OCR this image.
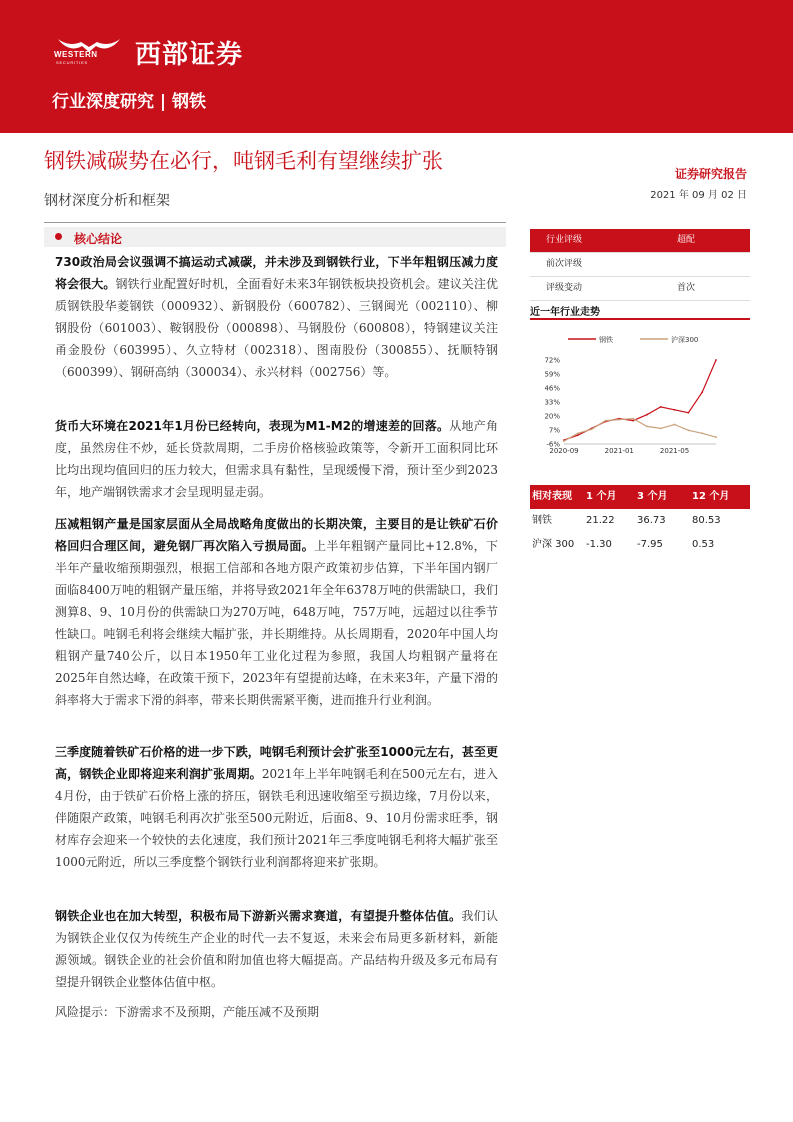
WESTERN
SECURITIES 西部证券
行业深度研究 | 钢铁
钢铁减碳势在必行，吨钢毛利有望继续扩张
钢材深度分析和框架
证券研究报告
2021 年 09 月 02 日
核心结论
730政治局会议强调不搞运动式减碳，并未涉及到钢铁行业，下半年粗钢压减力度将会很大。钢铁行业配置好时机，全面看好未来3年钢铁板块投资机会。建议关注优质钢铁股华菱钢铁（000932）、新钢股份（600782）、三钢闽光（002110）、柳钢股份（601003）、鞍钢股份（000898）、马钢股份（600808），特钢建议关注甬金股份（603995）、久立特材（002318）、图南股份（300855）、抚顺特钢（600399）、钢研高纳（300034）、永兴材料（002756）等。
货币大环境在2021年1月份已经转向，表现为M1-M2的增速差的回落。从地产角度，虽然房住不炒，延长贷款周期，二手房价格核验政策等，令新开工面积同比环比均出现均值回归的压力较大，但需求具有黏性，呈现缓慢下滑，预计至少到2023年，地产端钢铁需求才会呈现明显走弱。
压减粗钢产量是国家层面从全局战略角度做出的长期决策，主要目的是让铁矿石价格回归合理区间，避免钢厂再次陷入亏损局面。上半年粗钢产量同比+12.8%，下半年产量收缩预期强烈，根据工信部和各地方限产政策初步估算，下半年国内钢厂面临8400万吨的粗钢产量压缩，并将导致2021年全年6378万吨的供需缺口，我们测算8、9、10月份的供需缺口为270万吨，648万吨，757万吨，远超过以往季节性缺口。吨钢毛利将会继续大幅扩张，并长期维持。从长周期看，2020年中国人均粗钢产量740公斤，以日本1950年工业化过程为参照，我国人均粗钢产量将在2025年自然达峰，在政策干预下，2023年有望提前达峰，在未来3年，产量下滑的斜率将大于需求下滑的斜率，带来长期供需紧平衡，进而推升行业利润。
三季度随着铁矿石价格的进一步下跌，吨钢毛利预计会扩张至1000元左右，甚至更高，钢铁企业即将迎来利润扩张周期。2021年上半年吨钢毛利在500元左右，进入4月份，由于铁矿石价格上涨的挤压，钢铁毛利迅速收缩至亏损边缘，7月份以来，伴随限产政策，吨钢毛利再次扩张至500元附近，后面8、9、10月份需求旺季，钢材库存会迎来一个较快的去化速度，我们预计2021年三季度吨钢毛利将大幅扩张至1000元附近，所以三季度整个钢铁行业利润都将迎来扩张期。
钢铁企业也在加大转型，积极布局下游新兴需求赛道，有望提升整体估值。我们认为钢铁企业仅仅为传统生产企业的时代一去不复返，未来会布局更多新材料，新能源领域。钢铁企业的社会价值和附加值也将大幅提高。产品结构升级及多元布局有望提升钢铁企业整体估值中枢。
风险提示：下游需求不及预期，产能压减不及预期
行业评级	超配
前次评级
评级变动	首次
近一年行业走势
钢铁	沪深300
72%
59%
46%
33%
20%
7%
-6%
2020-09	2021-01	2021-05
相对表现 1 个月 3 个月 12 个月
钢铁	21.22 36.73	80.53
沪深 300 -1.30	-7.95	0.53
